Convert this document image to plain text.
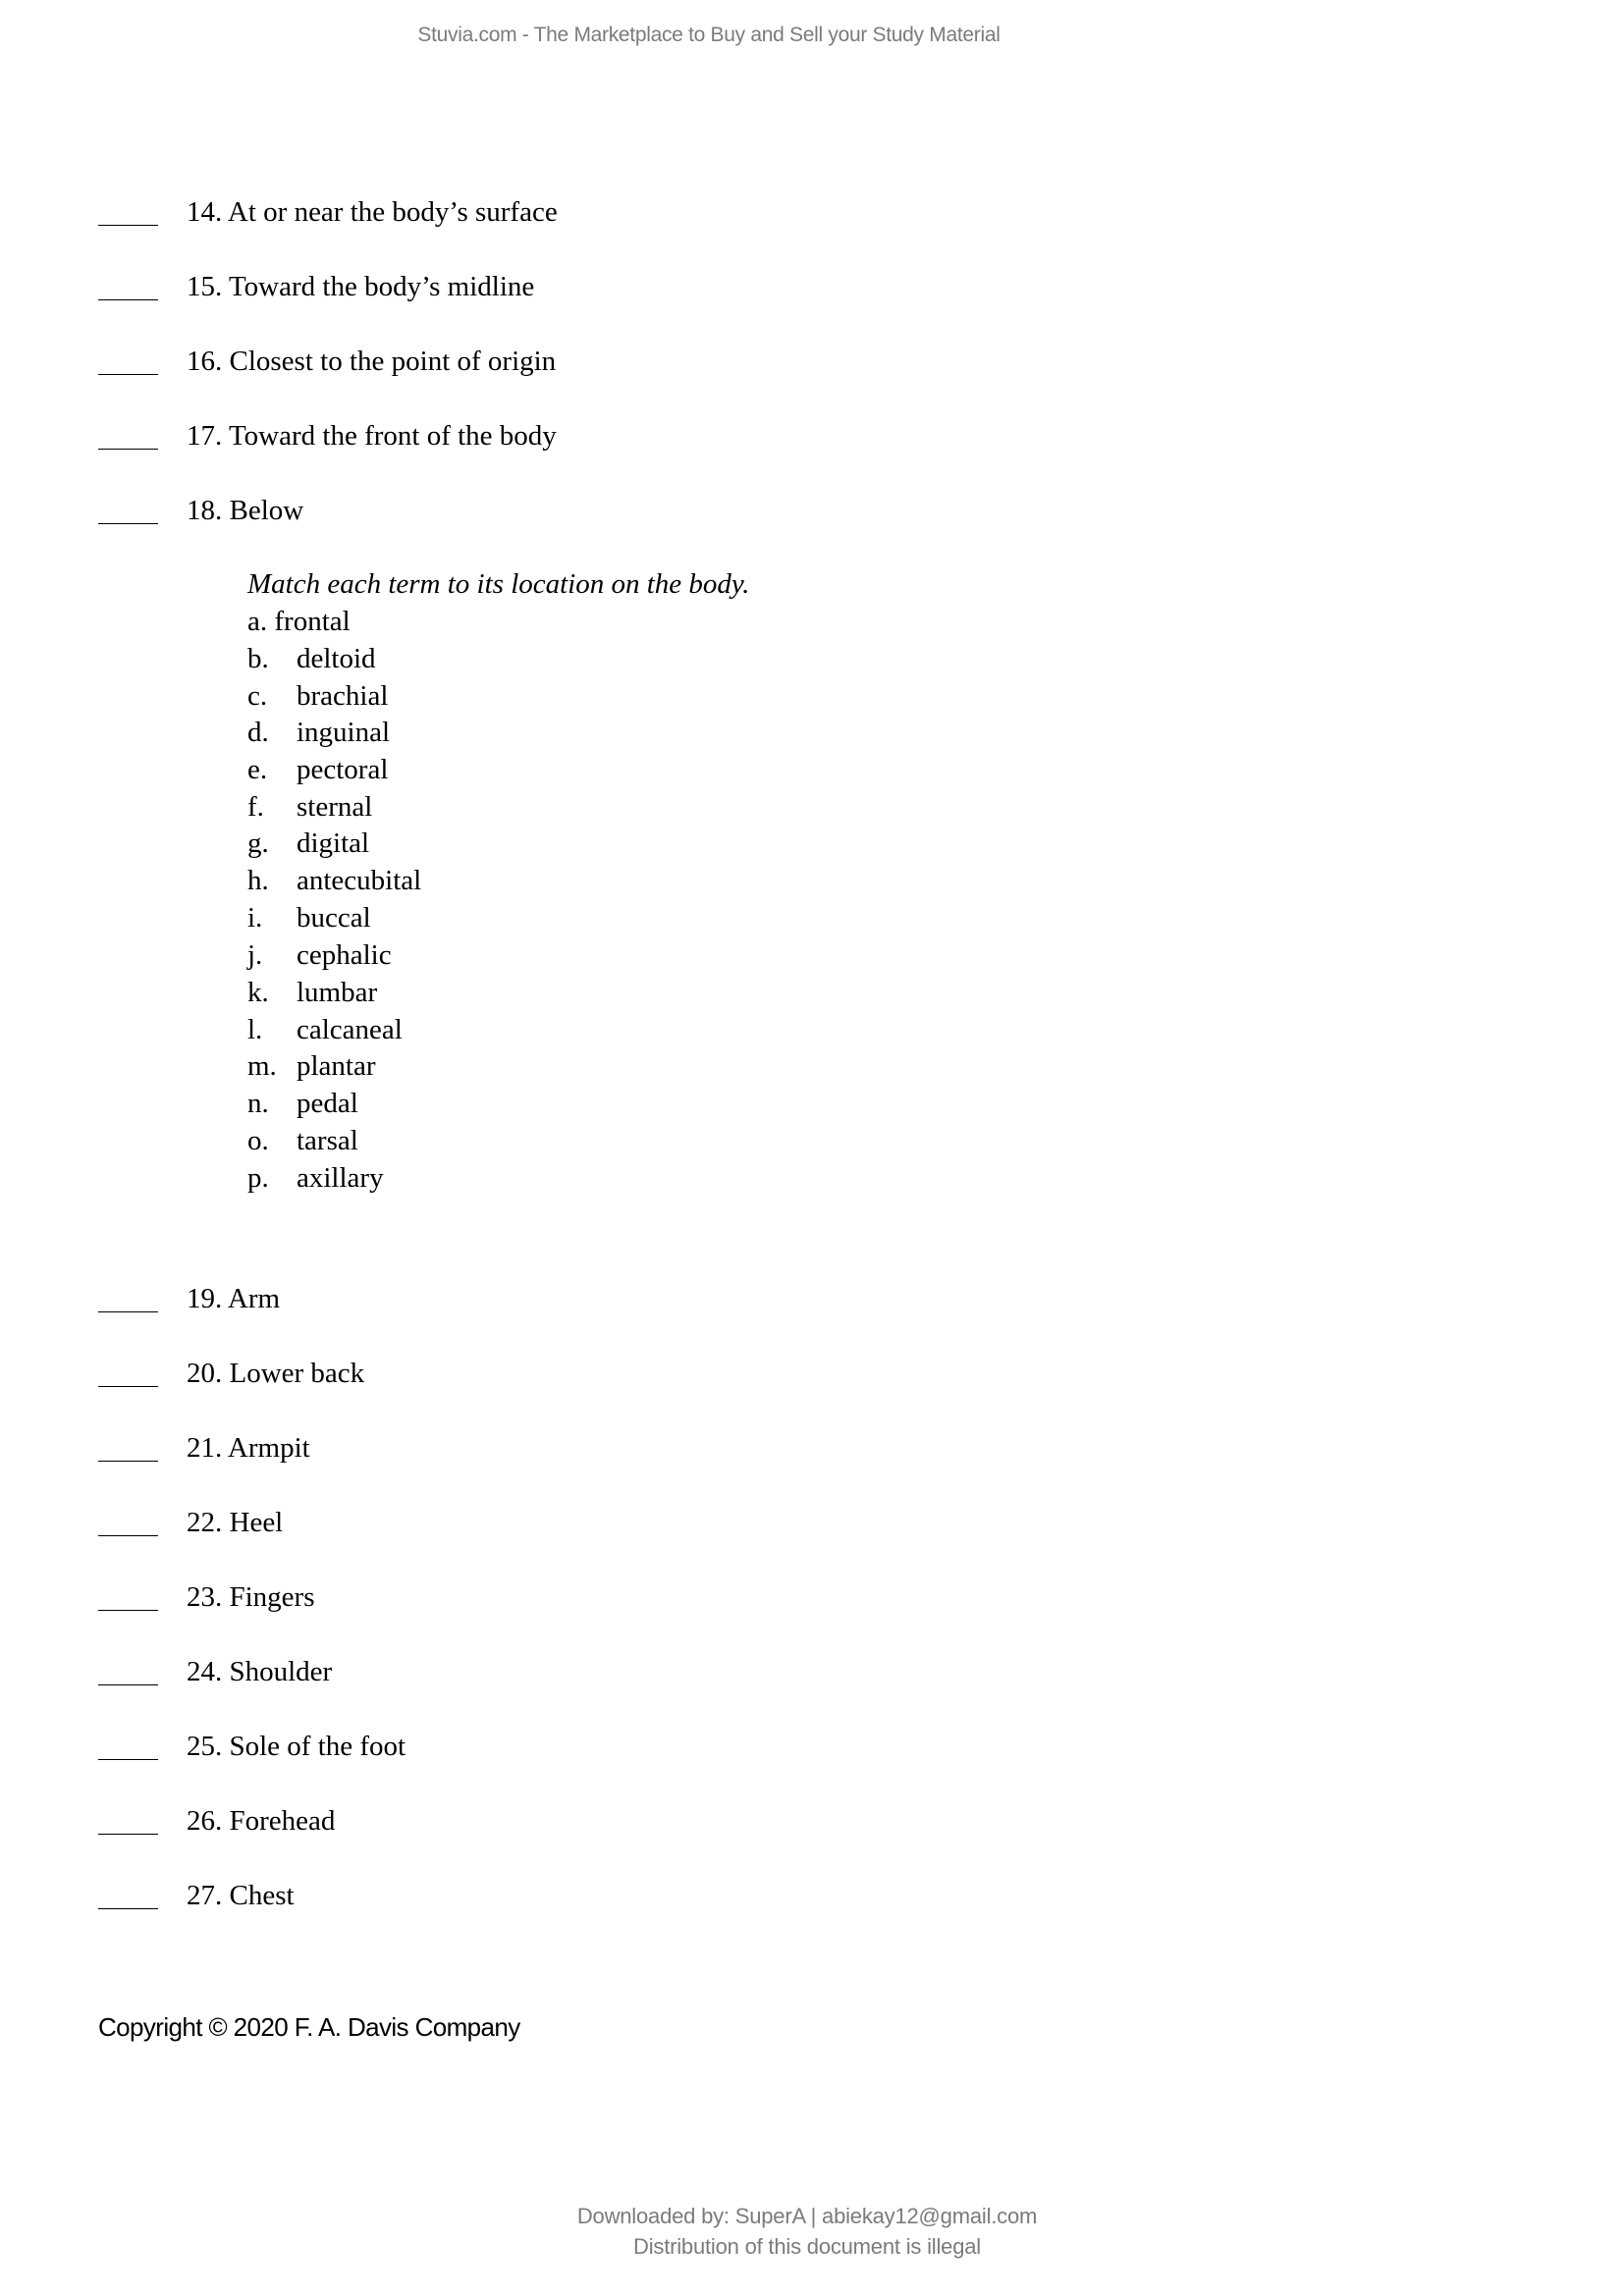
Stuvia.com - The Marketplace to Buy and Sell your Study Material
14. At or near the body’s surface
15. Toward the body’s midline
16. Closest to the point of origin
17. Toward the front of the body
18. Below
Match each term to its location on the body.
a. frontal
b. deltoid
c. brachial
d. inguinal
e. pectoral
f. sternal
g. digital
h. antecubital
i. buccal
j. cephalic
k. lumbar
l. calcaneal
m. plantar
n. pedal
o. tarsal
p. axillary
19. Arm
20. Lower back
21. Armpit
22. Heel
23. Fingers
24. Shoulder
25. Sole of the foot
26. Forehead
27. Chest
Copyright © 2020 F. A. Davis Company
Downloaded by: SuperA | abiekay12@gmail.com
Distribution of this document is illegal
